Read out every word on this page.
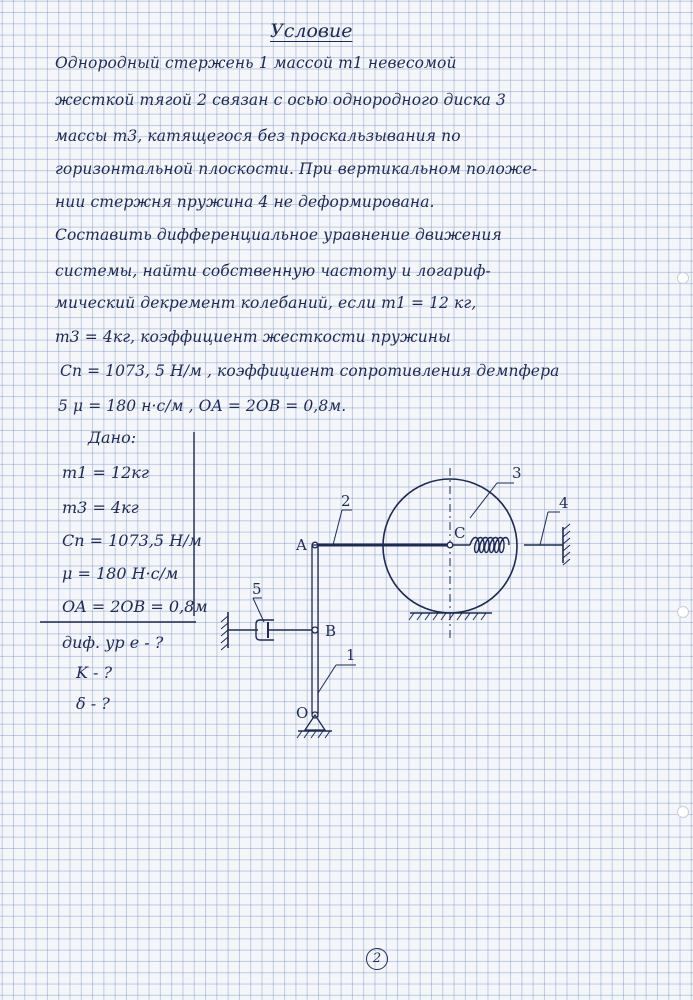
Условие
Однородный стержень 1 массой m1 невесомой
жесткой тягой 2 связан с осью однородного диска 3
массы m3, катящегося без проскальзывания по
горизонтальной плоскости. При вертикальном положе-
нии стержня пружина 4 не деформирована.
Составить дифференциальное уравнение движения
системы, найти собственную частоту и логариф-
мический декремент колебаний, если m1 = 12 кг,
m3 = 4кг, коэффициент жесткости пружины
Cп = 1073, 5 Н/м , коэффициент сопротивления демпфера
5 μ = 180 н·с/м , OA = 2OB = 0,8м.
Дано:
m1 = 12кг
m3 = 4кг
Cп = 1073,5 Н/м
μ = 180 Н·с/м
OA = 2OB = 0,8м
диф. ур е - ?
K - ?
δ - ?
A
B
O
C
2
3
4
5
1
2
